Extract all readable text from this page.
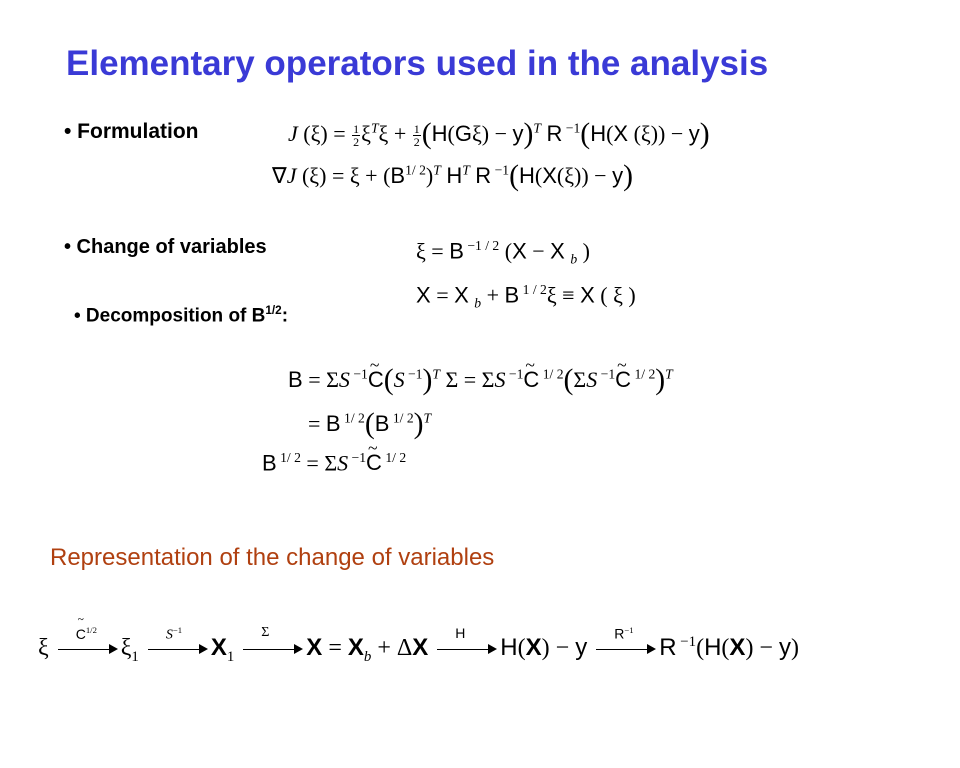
Elementary operators used in the analysis
• Formulation	J $(\xi) = \frac{1}{2} \xi^T\xi + \frac{1}{2} (H(G\xi) - y)^T$ R $^{-1}$(H(X (ξ)) − y)
∇J $(\xi) = \xi + (B^{1/ 2})^T$ $H^T$ R $^{-1}$(H(X(ξ)) − y)
• Change of variables	ξ = B $^{-1 / 2}$ (X − X $_b$ )
X = X $_b$ + B $^{1 / 2}$ξ ≡ X ( ξ )
• Decomposition of $B^{1/2}$:
B = ΣS $^{-1}$~ C(S $^{-1}$)$^T$ Σ = ΣS $^{-1}$~ C $^{1/ 2}$(ΣS $^{-1}$~ C $^{1/ 2}$)$^T$
= B $^{1/ 2}$(B $^{1/ 2}$)$^T$
B $^{1/ 2}$ = ΣS $^{-1}$~ C $^{1/ 2}$
Representation of the change of variables
ξ
~ $C^{1/2}$
$\xi_1$
$S^{-1}$
$X_1$
Σ
$X = X_b + \Delta X$
H
H(X) − y $R^{-1}$
R $^{-1}$(H(X) − y)
